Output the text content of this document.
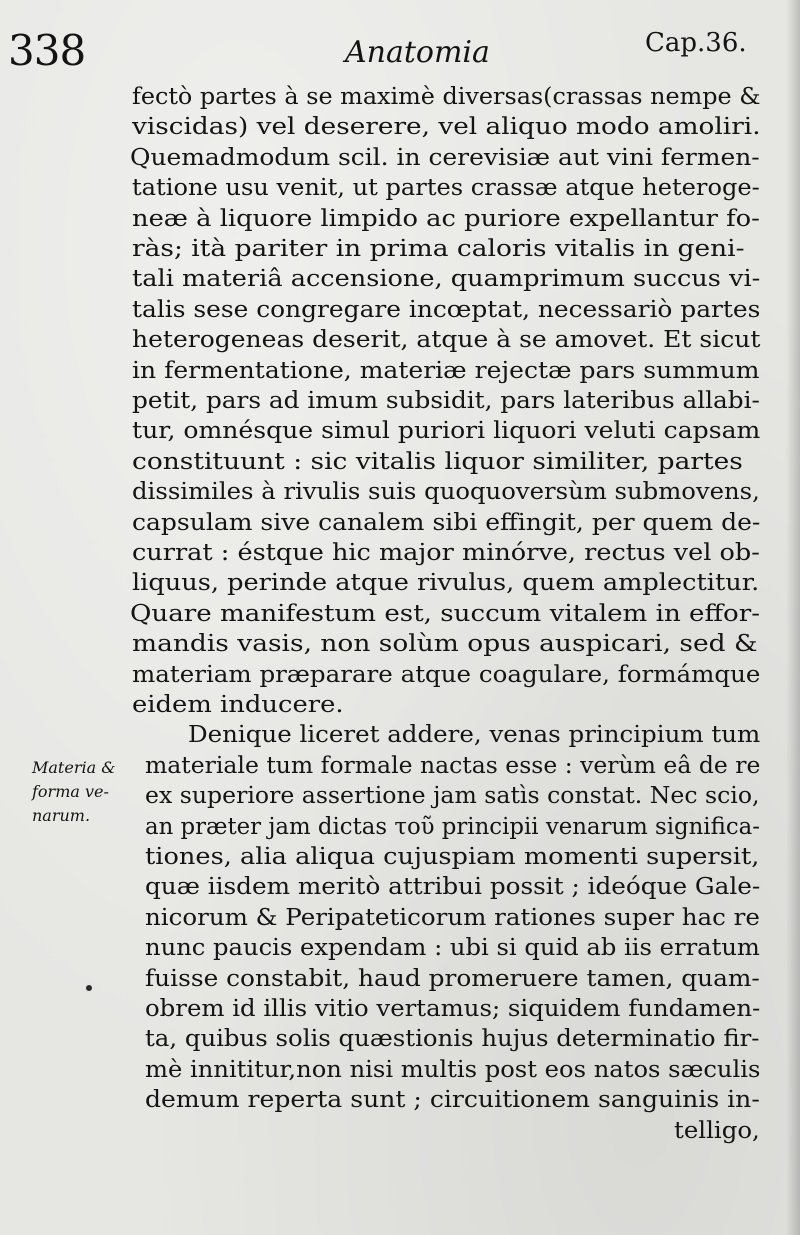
338	Anatomia	Cap.36.
Materia &
forma ve-
narum.
fectò partes à se maximè diversas(crassas nempe &
viscidas) vel deserere, vel aliquo modo amoliri.
Quemadmodum scil. in cerevisiæ aut vini fermen-
tatione usu venit, ut partes crassæ atque heteroge-
neæ à liquore limpido ac puriore expellantur fo-
ràs; ità pariter in prima caloris vitalis in geni-
tali materiâ accensione, quamprimum succus vi-
talis sese congregare incœptat, necessariò partes
heterogeneas deserit, atque à se amovet. Et sicut
in fermentatione, materiæ rejectæ pars summum
petit, pars ad imum subsidit, pars lateribus allabi-
tur, omnésque simul puriori liquori veluti capsam
constituunt : sic vitalis liquor similiter, partes
dissimiles à rivulis suis quoquoversùm submovens,
capsulam sive canalem sibi effingit, per quem de-
currat : éstque hic major minórve, rectus vel ob-
liquus, perinde atque rivulus, quem amplectitur.
Quare manifestum est, succum vitalem in effor-
mandis vasis, non solùm opus auspicari, sed &
materiam præparare atque coagulare, formámque
eidem inducere.
Denique liceret addere, venas principium tum
materiale tum formale nactas esse : verùm eâ de re
ex superiore assertione jam satìs constat. Nec scio,
an præter jam dictas τοῦ principii venarum significa-
tiones, alia aliqua cujuspiam momenti supersit,
quæ iisdem meritò attribui possit ; ideóque Gale-
nicorum & Peripateticorum rationes super hac re
nunc paucis expendam : ubi si quid ab iis erratum
fuisse constabit, haud promeruere tamen, quam-
obrem id illis vitio vertamus; siquidem fundamen-
ta, quibus solis quæstionis hujus determinatio fir-
mè innititur,non nisi multis post eos natos sæculis
demum reperta sunt ; circuitionem sanguinis in-
telligo,
